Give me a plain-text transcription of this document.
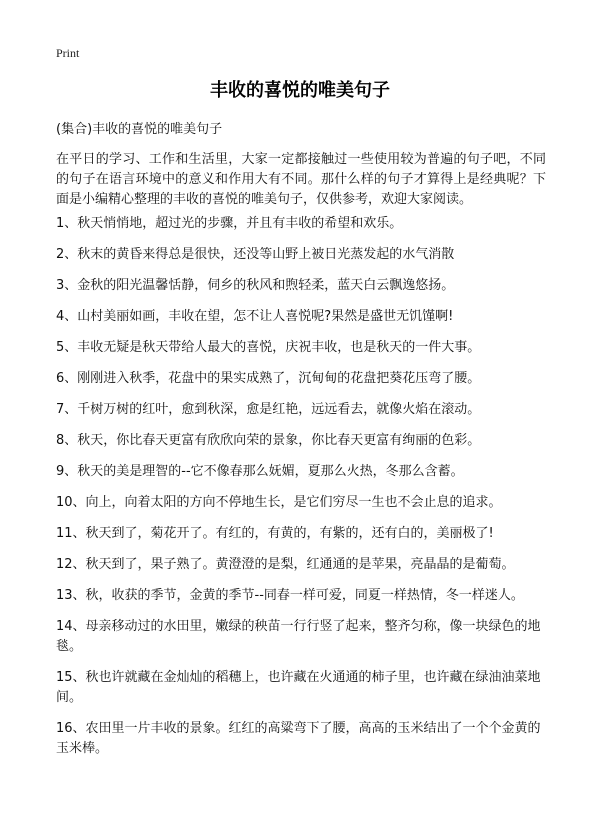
Print
丰收的喜悦的唯美句子
(集合)丰收的喜悦的唯美句子
在平日的学习、工作和生活里，大家一定都接触过一些使用较为普遍的句子吧，不同的句子在语言环境中的意义和作用大有不同。那什么样的句子才算得上是经典呢？下面是小编精心整理的丰收的喜悦的唯美句子，仅供参考，欢迎大家阅读。
1、秋天悄悄地，超过光的步骤，并且有丰收的希望和欢乐。
2、秋末的黄昏来得总是很快，还没等山野上被日光蒸发起的水气消散
3、金秋的阳光温馨恬静，伺乡的秋风和煦轻柔，蓝天白云飘逸悠扬。
4、山村美丽如画，丰收在望，怎不让人喜悦呢?果然是盛世无饥馑啊!
5、丰收无疑是秋天带给人最大的喜悦，庆祝丰收，也是秋天的一件大事。
6、刚刚进入秋季，花盘中的果实成熟了，沉甸甸的花盘把葵花压弯了腰。
7、千树万树的红叶，愈到秋深，愈是红艳，远远看去，就像火焰在滚动。
8、秋天，你比春天更富有欣欣向荣的景象，你比春天更富有绚丽的色彩。
9、秋天的美是理智的--它不像春那么妩媚，夏那么火热，冬那么含蓄。
10、向上，向着太阳的方向不停地生长，是它们穷尽一生也不会止息的追求。
11、秋天到了，菊花开了。有红的，有黄的，有紫的，还有白的，美丽极了!
12、秋天到了，果子熟了。黄澄澄的是梨，红通通的是苹果，亮晶晶的是葡萄。
13、秋，收获的季节，金黄的季节--同春一样可爱，同夏一样热情，冬一样迷人。
14、母亲移动过的水田里，嫩绿的秧苗一行行竖了起来，整齐匀称，像一块绿色的地毯。
15、秋也许就藏在金灿灿的稻穗上，也许藏在火通通的柿子里，也许藏在绿油油菜地间。
16、农田里一片丰收的景象。红红的高粱弯下了腰，高高的玉米结出了一个个金黄的玉米棒。
